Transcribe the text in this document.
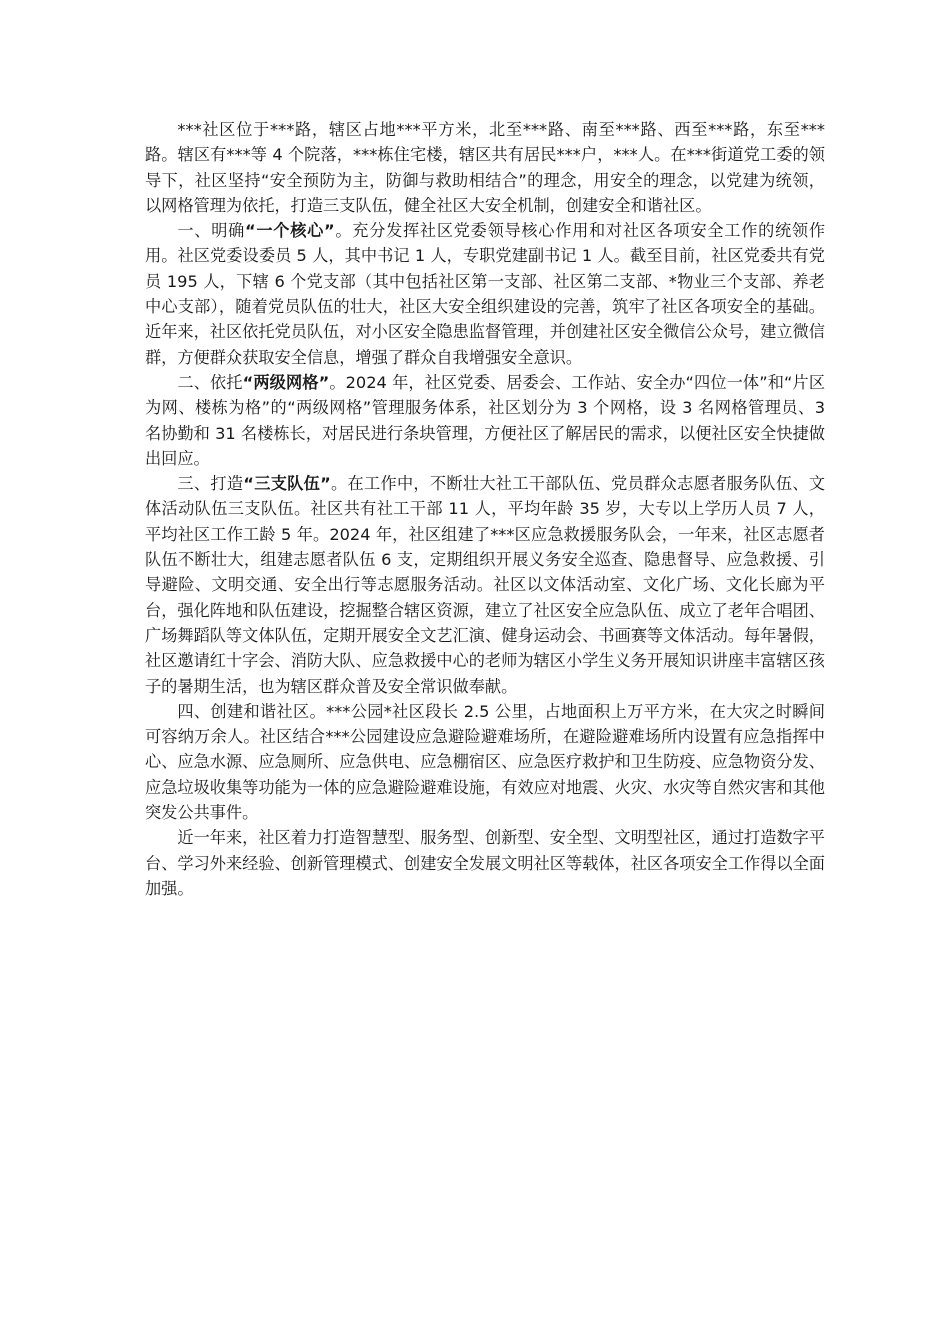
***社区位于***路，辖区占地***平方米，北至***路、南至***路、西至***路，东至***路。辖区有***等 4 个院落，***栋住宅楼，辖区共有居民***户，***人。在***街道党工委的领导下，社区坚持“安全预防为主，防御与救助相结合”的理念，用安全的理念，以党建为统领，以网格管理为依托，打造三支队伍，健全社区大安全机制，创建安全和谐社区。

一、明确“一个核心”。充分发挥社区党委领导核心作用和对社区各项安全工作的统领作用。社区党委设委员 5 人，其中书记 1 人，专职党建副书记 1 人。截至目前，社区党委共有党员 195 人，下辖 6 个党支部（其中包括社区第一支部、社区第二支部、*物业三个支部、养老中心支部），随着党员队伍的壮大，社区大安全组织建设的完善，筑牢了社区各项安全的基础。近年来，社区依托党员队伍，对小区安全隐患监督管理，并创建社区安全微信公众号，建立微信群，方便群众获取安全信息，增强了群众自我增强安全意识。

二、依托“两级网格”。2024 年，社区党委、居委会、工作站、安全办“四位一体”和“片区为网、楼栋为格”的“两级网格”管理服务体系，社区划分为 3 个网格，设 3 名网格管理员、3 名协勤和 31 名楼栋长，对居民进行条块管理，方便社区了解居民的需求，以便社区安全快捷做出回应。

三、打造“三支队伍”。在工作中，不断壮大社工干部队伍、党员群众志愿者服务队伍、文体活动队伍三支队伍。社区共有社工干部 11 人，平均年龄 35 岁，大专以上学历人员 7 人，平均社区工作工龄 5 年。2024 年，社区组建了***区应急救援服务队会，一年来，社区志愿者队伍不断壮大，组建志愿者队伍 6 支，定期组织开展义务安全巡查、隐患督导、应急救援、引导避险、文明交通、安全出行等志愿服务活动。社区以文体活动室、文化广场、文化长廊为平台，强化阵地和队伍建设，挖掘整合辖区资源，建立了社区安全应急队伍、成立了老年合唱团、广场舞蹈队等文体队伍，定期开展安全文艺汇演、健身运动会、书画赛等文体活动。每年暑假，社区邀请红十字会、消防大队、应急救援中心的老师为辖区小学生义务开展知识讲座丰富辖区孩子的暑期生活，也为辖区群众普及安全常识做奉献。

四、创建和谐社区。***公园*社区段长 2.5 公里，占地面积上万平方米，在大灾之时瞬间可容纳万余人。社区结合***公园建设应急避险避难场所，在避险避难场所内设置有应急指挥中心、应急水源、应急厕所、应急供电、应急棚宿区、应急医疗救护和卫生防疫、应急物资分发、应急垃圾收集等功能为一体的应急避险避难设施，有效应对地震、火灾、水灾等自然灾害和其他突发公共事件。

近一年来，社区着力打造智慧型、服务型、创新型、安全型、文明型社区，通过打造数字平台、学习外来经验、创新管理模式、创建安全发展文明社区等载体，社区各项安全工作得以全面加强。
